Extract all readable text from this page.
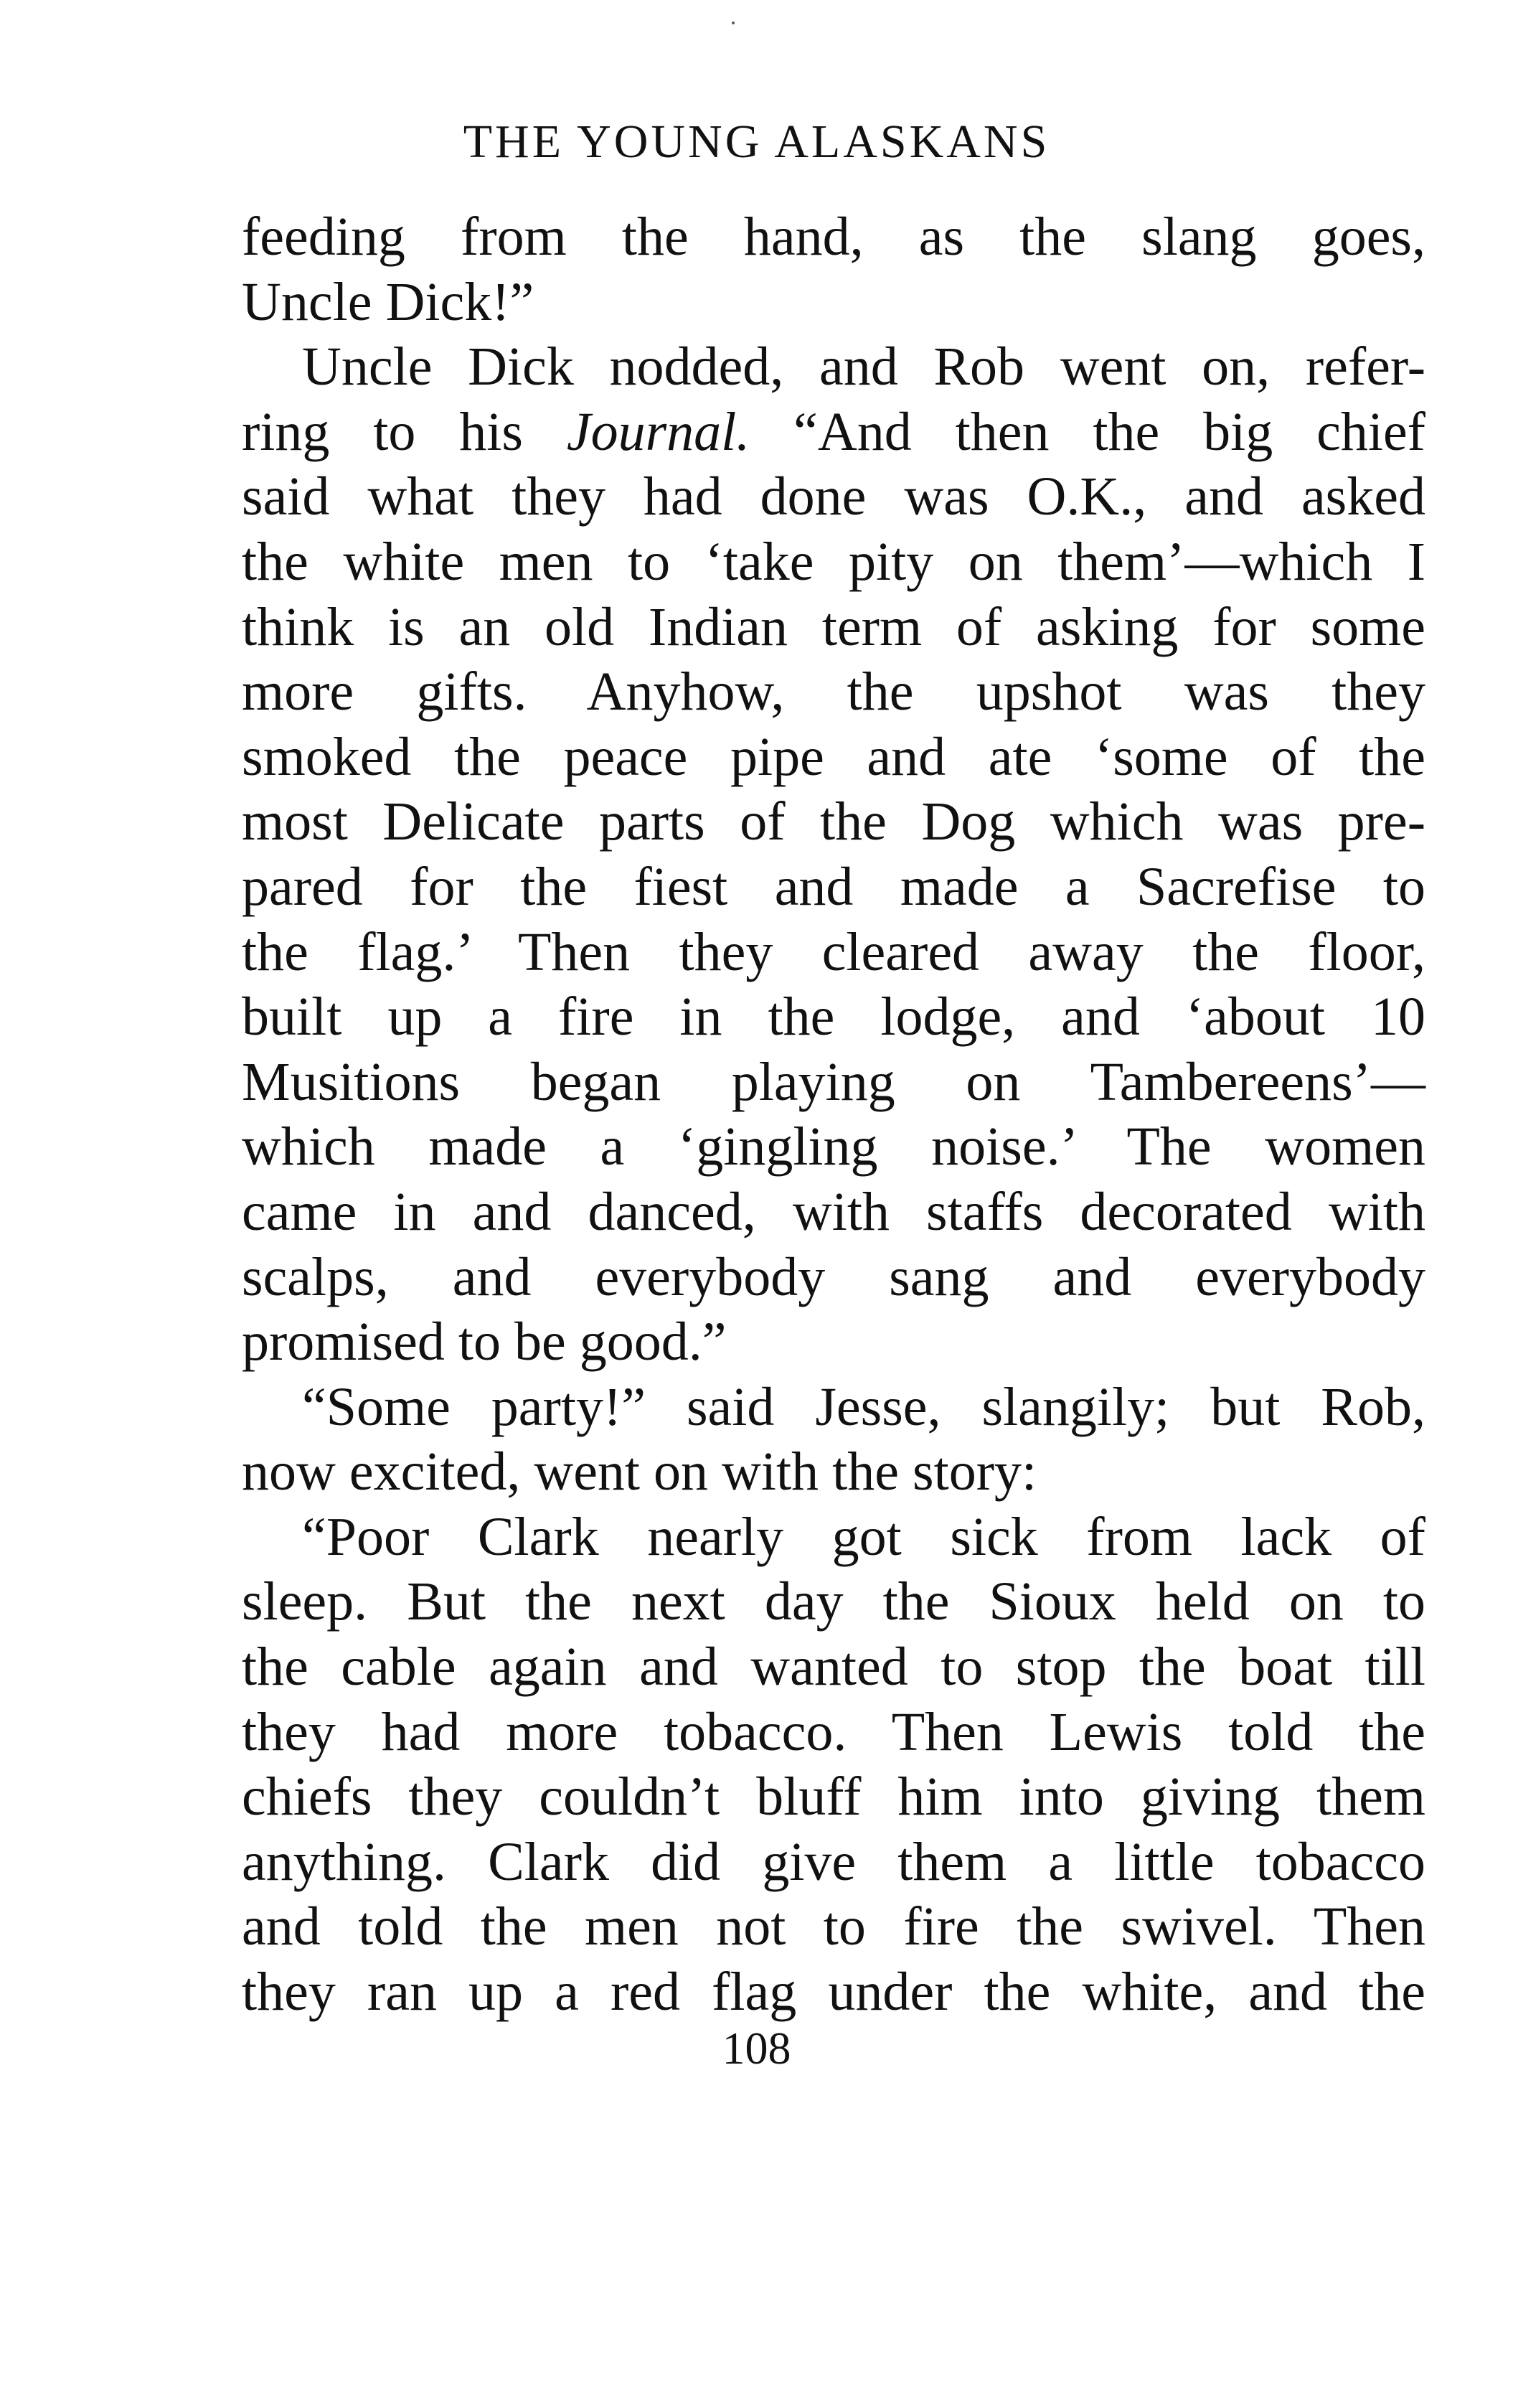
THE YOUNG ALASKANS
feeding from the hand, as the slang goes,
Uncle Dick!”
Uncle Dick nodded, and Rob went on, refer-
ring to his Journal. “And then the big chief
said what they had done was O.K., and asked
the white men to ‘take pity on them’—which I
think is an old Indian term of asking for some
more gifts. Anyhow, the upshot was they
smoked the peace pipe and ate ‘some of the
most Delicate parts of the Dog which was pre-
pared for the fiest and made a Sacrefise to
the flag.’ Then they cleared away the floor,
built up a fire in the lodge, and ‘about 10
Musitions began playing on Tambereens’—
which made a ‘gingling noise.’ The women
came in and danced, with staffs decorated with
scalps, and everybody sang and everybody
promised to be good.”
“Some party!” said Jesse, slangily; but Rob,
now excited, went on with the story:
“Poor Clark nearly got sick from lack of
sleep. But the next day the Sioux held on to
the cable again and wanted to stop the boat till
they had more tobacco. Then Lewis told the
chiefs they couldn’t bluff him into giving them
anything. Clark did give them a little tobacco
and told the men not to fire the swivel. Then
they ran up a red flag under the white, and the
108
